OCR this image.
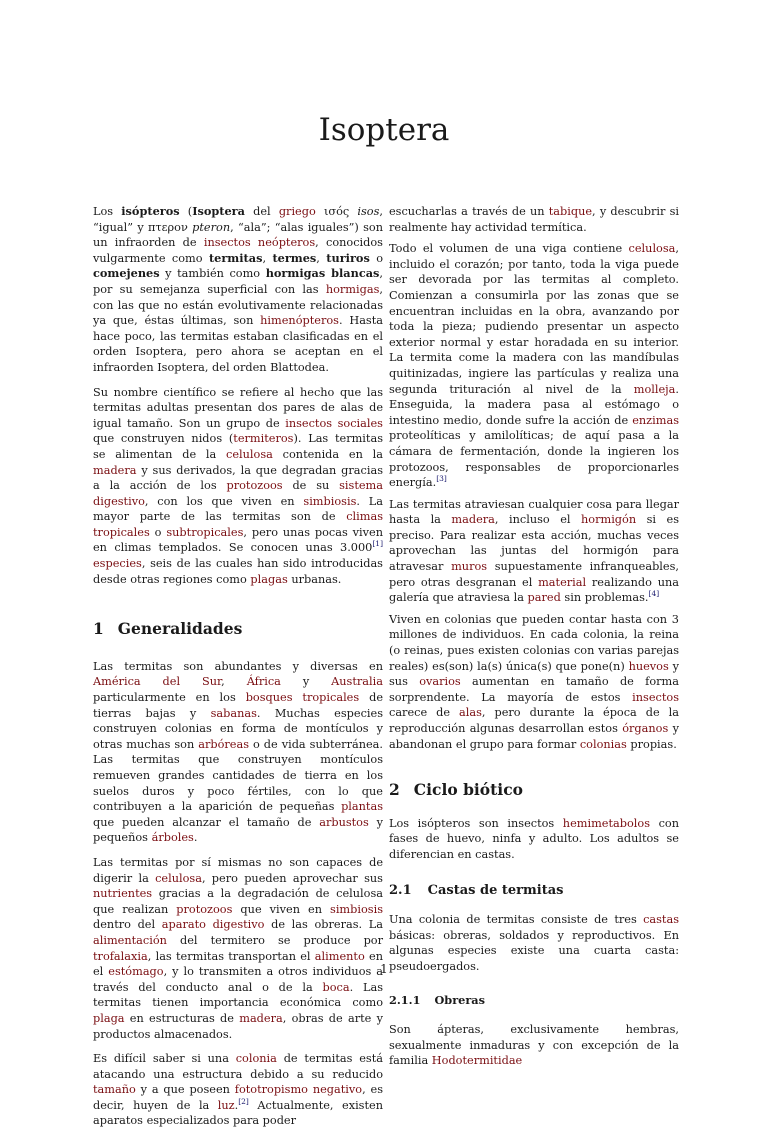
Isoptera

Los isópteros (Isoptera del griego ισός isos, “igual” y πτερον pteron, “ala”; “alas iguales”) son un infraorden de insectos neópteros, conocidos vulgarmente como termitas, termes, turiros o comejenes y también como hormigas blancas, por su semejanza superficial con las hormigas, con las que no están evolutivamente relacionadas ya que, éstas últimas, son himenópteros. Hasta hace poco, las termitas estaban clasificadas en el orden Isoptera, pero ahora se aceptan en el infraorden Isoptera, del orden Blattodea.

Su nombre científico se refiere al hecho que las termitas adultas presentan dos pares de alas de igual tamaño. Son un grupo de insectos sociales que construyen nidos (termiteros). Las termitas se alimentan de la celulosa contenida en la madera y sus derivados, la que degradan gracias a la acción de los protozoos de su sistema digestivo, con los que viven en simbiosis. La mayor parte de las termitas son de climas tropicales o subtropicales, pero unas pocas viven en climas templados. Se conocen unas 3.000[1] especies, seis de las cuales han sido introducidas desde otras regiones como plagas urbanas.

1 Generalidades

Las termitas son abundantes y diversas en América del Sur, África y Australia particularmente en los bosques tropicales de tierras bajas y sabanas. Muchas especies construyen colonias en forma de montículos y otras muchas son arbóreas o de vida subterránea. Las termitas que construyen montículos remueven grandes cantidades de tierra en los suelos duros y poco fértiles, con lo que contribuyen a la aparición de pequeñas plantas que pueden alcanzar el tamaño de arbustos y pequeños árboles.

Las termitas por sí mismas no son capaces de digerir la celulosa, pero pueden aprovechar sus nutrientes gracias a la degradación de celulosa que realizan protozoos que viven en simbiosis dentro del aparato digestivo de las obreras. La alimentación del termitero se produce por trofalaxia, las termitas transportan el alimento en el estómago, y lo transmiten a otros individuos a través del conducto anal o de la boca. Las termitas tienen importancia económica como plaga en estructuras de madera, obras de arte y productos almacenados.

Es difícil saber si una colonia de termitas está atacando una estructura debido a su reducido tamaño y a que poseen fototropismo negativo, es decir, huyen de la luz.[2] Actualmente, existen aparatos especializados para poder

escucharlas a través de un tabique, y descubrir si realmente hay actividad termítica.

Todo el volumen de una viga contiene celulosa, incluido el corazón; por tanto, toda la viga puede ser devorada por las termitas al completo. Comienzan a consumirla por las zonas que se encuentran incluidas en la obra, avanzando por toda la pieza; pudiendo presentar un aspecto exterior normal y estar horadada en su interior. La termita come la madera con las mandíbulas quitinizadas, ingiere las partículas y realiza una segunda trituración al nivel de la molleja. Enseguida, la madera pasa al estómago o intestino medio, donde sufre la acción de enzimas proteolíticas y amilolíticas; de aquí pasa a la cámara de fermentación, donde la ingieren los protozoos, responsables de proporcionarles energía.[3]

Las termitas atraviesan cualquier cosa para llegar hasta la madera, incluso el hormigón si es preciso. Para realizar esta acción, muchas veces aprovechan las juntas del hormigón para atravesar muros supuestamente infranqueables, pero otras desgranan el material realizando una galería que atraviesa la pared sin problemas.[4]

Viven en colonias que pueden contar hasta con 3 millones de individuos. En cada colonia, la reina (o reinas, pues existen colonias con varias parejas reales) es(son) la(s) única(s) que pone(n) huevos y sus ovarios aumentan en tamaño de forma sorprendente. La mayoría de estos insectos carece de alas, pero durante la época de la reproducción algunas desarrollan estos órganos y abandonan el grupo para formar colonias propias.

2 Ciclo biótico

Los isópteros son insectos hemimetabolos con fases de huevo, ninfa y adulto. Los adultos se diferencian en castas.

2.1 Castas de termitas

Una colonia de termitas consiste de tres castas básicas: obreras, soldados y reproductivos. En algunas especies existe una cuarta casta: pseudoergados.

2.1.1 Obreras

Son ápteras, exclusivamente hembras, sexualmente inmaduras y con excepción de la familia Hodotermitidae

1
